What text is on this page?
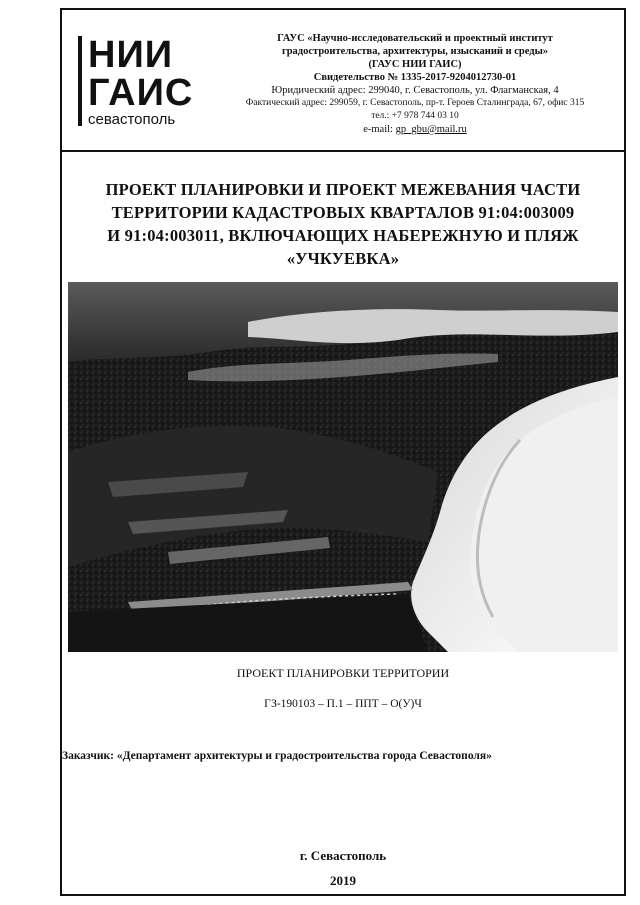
НИИ
ГАИС
севастополь
ГАУС «Научно-исследовательский и проектный институт
градостроительства, архитектуры, изысканий и среды»
(ГАУС НИИ ГАИС)
Свидетельство № 1335-2017-9204012730-01
Юридический адрес: 299040, г. Севастополь, ул. Флагманская, 4
Фактический адрес: 299059, г. Севастополь, пр-т. Героев Сталинграда, 67, офис 315
тел.: +7 978 744 03 10
e-mail: gp_gbu@mail.ru
ПРОЕКТ ПЛАНИРОВКИ И ПРОЕКТ МЕЖЕВАНИЯ ЧАСТИ
ТЕРРИТОРИИ КАДАСТРОВЫХ КВАРТАЛОВ 91:04:003009
И 91:04:003011, ВКЛЮЧАЮЩИХ НАБЕРЕЖНУЮ И ПЛЯЖ
«УЧКУЕВКА»
ПРОЕКТ ПЛАНИРОВКИ ТЕРРИТОРИИ
ГЗ-190103 – П.1 – ППТ – О(У)Ч
Заказчик: «Департамент архитектуры и градостроительства города Севастополя»
г. Севастополь
2019
